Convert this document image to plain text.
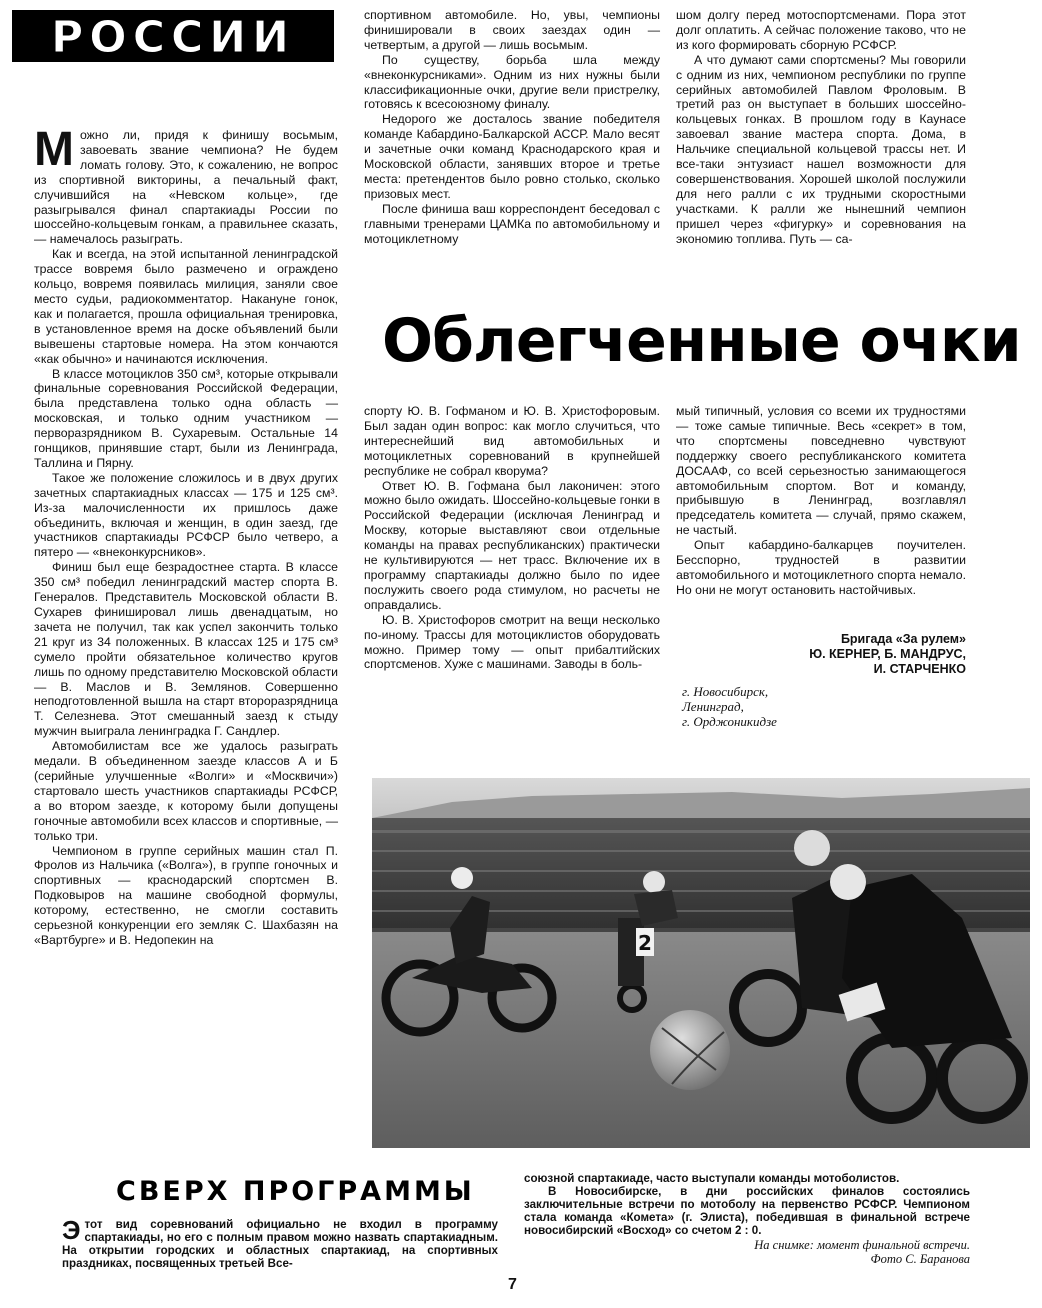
РОССИИ

Можно ли, придя к финишу восьмым, завоевать звание чемпиона? Не будем ломать голову. Это, к сожалению, не вопрос из спортивной викторины, а печальный факт, случившийся на «Невском кольце», где разыгрывался финал спартакиады России по шоссейно-кольцевым гонкам, а правильнее сказать, — намечалось разыграть.

Как и всегда, на этой испытанной ленинградской трассе вовремя было размечено и ограждено кольцо, вовремя появилась милиция, заняли свое место судьи, радиокомментатор. Накануне гонок, как и полагается, прошла официальная тренировка, в установленное время на доске объявлений были вывешены стартовые номера. На этом кончаются «как обычно» и начинаются исключения.

В классе мотоциклов 350 см³, которые открывали финальные соревнования Российской Федерации, была представлена только одна область — московская, и только одним участником — перворазрядником В. Сухаревым. Остальные 14 гонщиков, принявшие старт, были из Ленинграда, Таллина и Пярну.

Такое же положение сложилось и в двух других зачетных спартакиадных классах — 175 и 125 см³. Из-за малочисленности их пришлось даже объединить, включая и женщин, в один заезд, где участников спартакиады РСФСР было четверо, а пятеро — «внеконкурсников».

Финиш был еще безрадостнее старта. В классе 350 см³ победил ленинградский мастер спорта В. Генералов. Представитель Московской области В. Сухарев финишировал лишь двенадцатым, но зачета не получил, так как успел закончить только 21 круг из 34 положенных. В классах 125 и 175 см³ сумело пройти обязательное количество кругов лишь по одному представителю Московской области — В. Маслов и В. Землянов. Совершенно неподготовленной вышла на старт второразрядница Т. Селезнева. Этот смешанный заезд к стыду мужчин выиграла ленинградка Г. Сандлер.

Автомобилистам все же удалось разыграть медали. В объединенном заезде классов А и Б (серийные улучшенные «Волги» и «Москвичи») стартовало шесть участников спартакиады РСФСР, а во втором заезде, к которому были допущены гоночные автомобили всех классов и спортивные, — только три.

Чемпионом в группе серийных машин стал П. Фролов из Нальчика («Волга»), в группе гоночных и спортивных — краснодарский спортсмен В. Подковыров на машине свободной формулы, которому, естественно, не смогли составить серьезной конкуренции его земляк С. Шахбазян на «Вартбурге» и В. Недопекин на

спортивном автомобиле. Но, увы, чемпионы финишировали в своих заездах один — четвертым, а другой — лишь восьмым.

По существу, борьба шла между «внеконкурсниками». Одним из них нужны были классификационные очки, другие вели пристрелку, готовясь к всесоюзному финалу.

Недорого же досталось звание победителя команде Кабардино-Балкарской АССР. Мало весят и зачетные очки команд Краснодарского края и Московской области, занявших второе и третье места: претендентов было ровно столько, сколько призовых мест.

После финиша ваш корреспондент беседовал с главными тренерами ЦАМКа по автомобильному и мотоциклетному

шом долгу перед мотоспортсменами. Пора этот долг оплатить. А сейчас положение таково, что не из кого формировать сборную РСФСР.

А что думают сами спортсмены? Мы говорили с одним из них, чемпионом республики по группе серийных автомобилей Павлом Фроловым. В третий раз он выступает в больших шоссейно-кольцевых гонках. В прошлом году в Каунасе завоевал звание мастера спорта. Дома, в Нальчике специальной кольцевой трассы нет. И все-таки энтузиаст нашел возможности для совершенствования. Хорошей школой послужили для него ралли с их трудными скоростными участками. К ралли же нынешний чемпион пришел через «фигурку» и соревнования на экономию топлива. Путь — са-

Облегченные очки

спорту Ю. В. Гофманом и Ю. В. Христофоровым. Был задан один вопрос: как могло случиться, что интереснейший вид автомобильных и мотоциклетных соревнований в крупнейшей республике не собрал кворума?

Ответ Ю. В. Гофмана был лаконичен: этого можно было ожидать. Шоссейно-кольцевые гонки в Российской Федерации (исключая Ленинград и Москву, которые выставляют свои отдельные команды на правах республиканских) практически не культивируются — нет трасс. Включение их в программу спартакиады должно было по идее послужить своего рода стимулом, но расчеты не оправдались.

Ю. В. Христофоров смотрит на вещи несколько по-иному. Трассы для мотоциклистов оборудовать можно. Пример тому — опыт прибалтийских спортсменов. Хуже с машинами. Заводы в боль-

мый типичный, условия со всеми их трудностями — тоже самые типичные. Весь «секрет» в том, что спортсмены повседневно чувствуют поддержку своего республиканского комитета ДОСААФ, со всей серьезностью занимающегося автомобильным спортом. Вот и команду, прибывшую в Ленинград, возглавлял председатель комитета — случай, прямо скажем, не частый.

Опыт кабардино-балкарцев поучителен. Бесспорно, трудностей в развитии автомобильного и мотоциклетного спорта немало. Но они не могут остановить настойчивых.

Бригада «За рулем»
Ю. КЕРНЕР, Б. МАНДРУС,
И. СТАРЧЕНКО
г. Новосибирск,
Ленинград,
г. Орджоникидзе
2
СВЕРХ ПРОГРАММЫ

Этот вид соревнований официально не входил в программу спартакиады, но его с полным правом можно назвать спартакиадным. На открытии городских и областных спартакиад, на спортивных праздниках, посвященных третьей Все-

союзной спартакиаде, часто выступали команды мотоболистов.

В Новосибирске, в дни российских финалов состоялись заключительные встречи по мотоболу на первенство РСФСР. Чемпионом стала команда «Комета» (г. Элиста), победившая в финальной встрече новосибирский «Восход» со счетом 2 : 0.

На снимке: момент финальной встречи.
Фото С. Баранова
7
